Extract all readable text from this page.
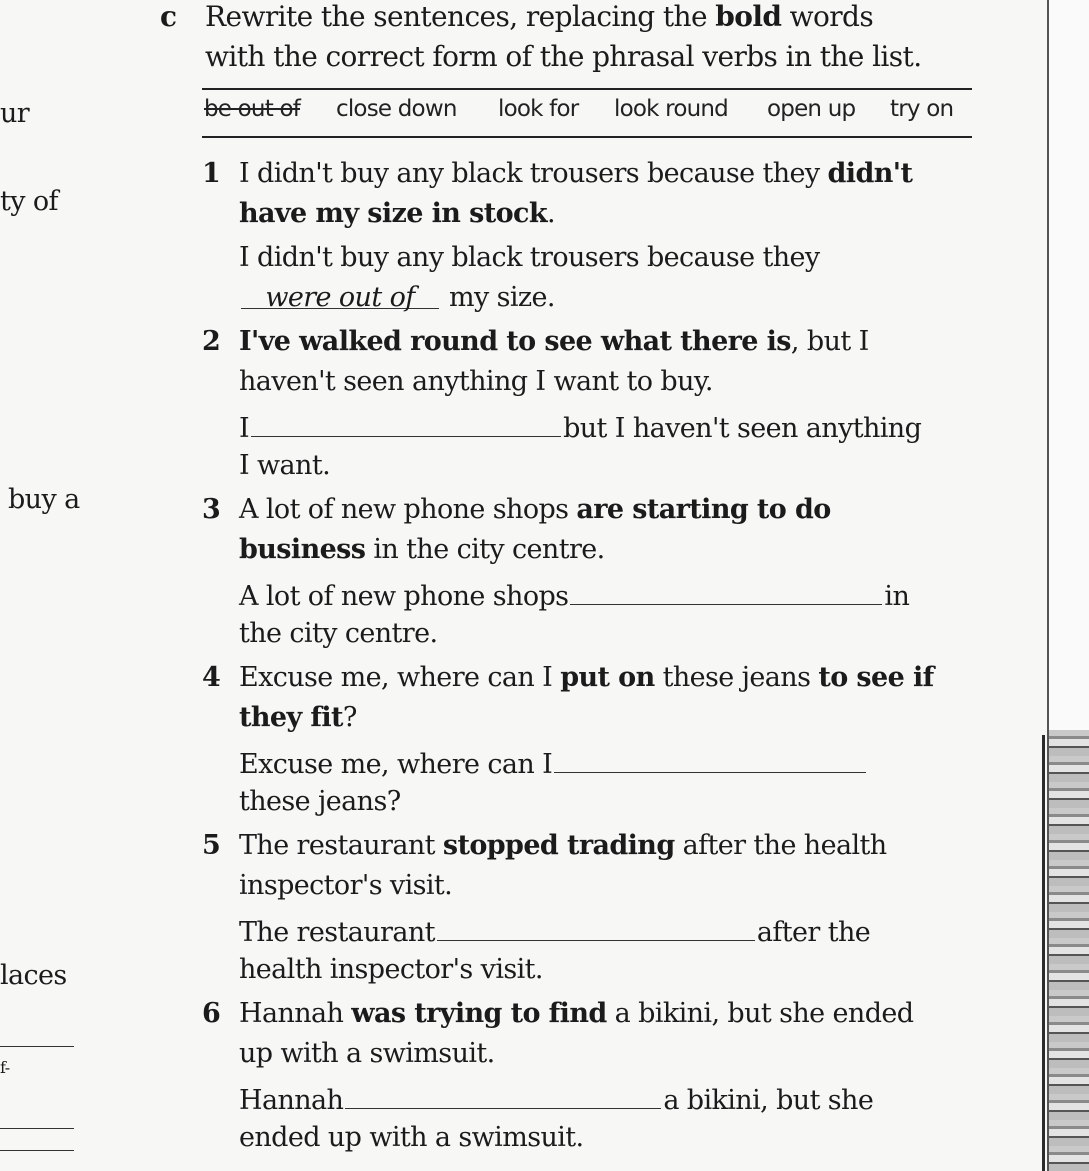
ur
ty of
buy a
laces
f-
c Rewrite the sentences, replacing the bold words
with the correct form of the phrasal verbs in the list.
be out of close down look for look round open up try on
1 I didn't buy any black trousers because they didn't
have my size in stock.
I didn't buy any black trousers because they
were out of my size.
2 I've walked round to see what there is, but I
haven't seen anything I want to buy.
I	but I haven't seen anything
I want.
3 A lot of new phone shops are starting to do
business in the city centre.
A lot of new phone shops	in
the city centre.
4 Excuse me, where can I put on these jeans to see if
they fit?
Excuse me, where can I
these jeans?
5 The restaurant stopped trading after the health
inspector's visit.
The restaurant	after the
health inspector's visit.
6 Hannah was trying to find a bikini, but she ended
up with a swimsuit.
Hannah	a bikini, but she
ended up with a swimsuit.
